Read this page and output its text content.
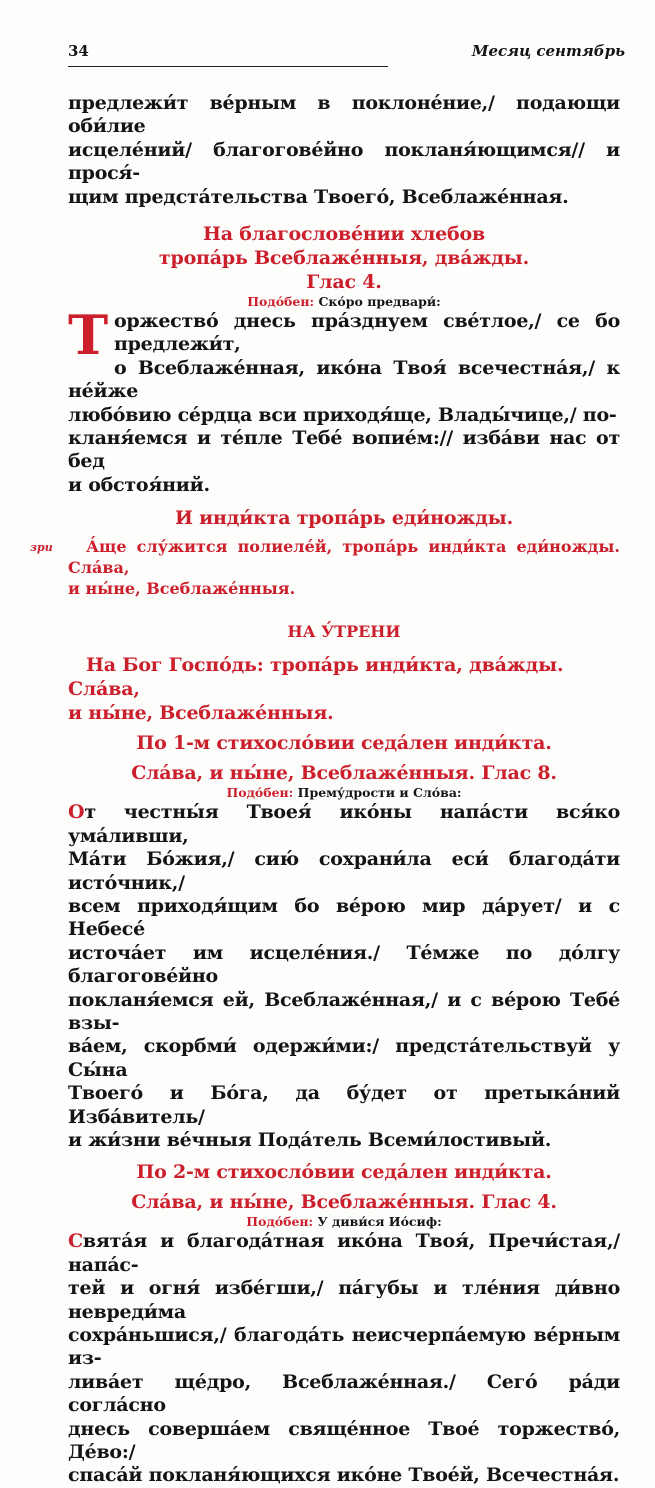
34	Месяц сентябрь

предлежи́т ве́рным в поклоне́ние,/ подающи оби́лие
исцеле́ний/ благогове́йно покланя́ющимся// и прося́-
щим предста́тельства Твоего́, Всеблаже́нная.

На благослове́нии хлебов
тропа́рь Всеблаже́нныя, два́жды.
Глас 4.
Подо́бен: Ско́ро предвари́:

Т оржество́ днесь пра́зднуем све́тлое,/ се бо предлежи́т,
о Всеблаже́нная, ико́на Твоя́ всечестна́я,/ к не́йже
любо́вию се́рдца вси приходя́ще, Влады́чице,/ по-
кланя́емся и те́пле Тебе́ вопие́м:// изба́ви нас от бед
и обстоя́ний.

И инди́кта тропа́рь еди́ножды.

зри А́ще слу́жится полиеле́й, тропа́рь инди́кта еди́ножды. Сла́ва,
и ны́не, Всеблаже́нныя.

НА У́ТРЕНИ

На Бог Госпо́дь: тропа́рь инди́кта, два́жды. Сла́ва,
и ны́не, Всеблаже́нныя.

По 1-м стихосло́вии седа́лен инди́кта.
Сла́ва, и ны́не, Всеблаже́нныя. Глас 8.
Подо́бен: Прему́дрости и Сло́ва:

От честны́я Твоея́ ико́ны напа́сти вся́ко ума́ливши,
Ма́ти Бо́жия,/ сию́ сохрани́ла еси́ благода́ти исто́чник,/
всем приходя́щим бо ве́рою мир да́рует/ и с Небесе́
источа́ет им исцеле́ния./ Те́мже по до́лгу благогове́йно
покланя́емся ей, Всеблаже́нная,/ и с ве́рою Тебе́ взы-
ва́ем, скорбми́ одержи́ми:/ предста́тельствуй у Сы́на
Твоего́ и Бо́га, да бу́дет от претыка́ний Изба́витель/
и жи́зни ве́чныя Пода́тель Всеми́лостивый.

По 2-м стихосло́вии седа́лен инди́кта.
Сла́ва, и ны́не, Всеблаже́нныя. Глас 4.
Подо́бен: У диви́ся Ио́сиф:

Свята́я и благода́тная ико́на Твоя́, Пречи́стая,/ напа́с-
тей и огня́ избе́гши,/ па́губы и тле́ния ди́вно невреди́ма
сохра́ньшися,/ благода́ть неисчерпа́емую ве́рным из-
лива́ет ще́дро, Всеблаже́нная./ Сего́ ра́ди согла́сно
днесь соверша́ем свяще́нное Твое́ торжество́, Де́во:/
спаса́й покланя́ющихся ико́не Твое́й, Всечестна́я.
